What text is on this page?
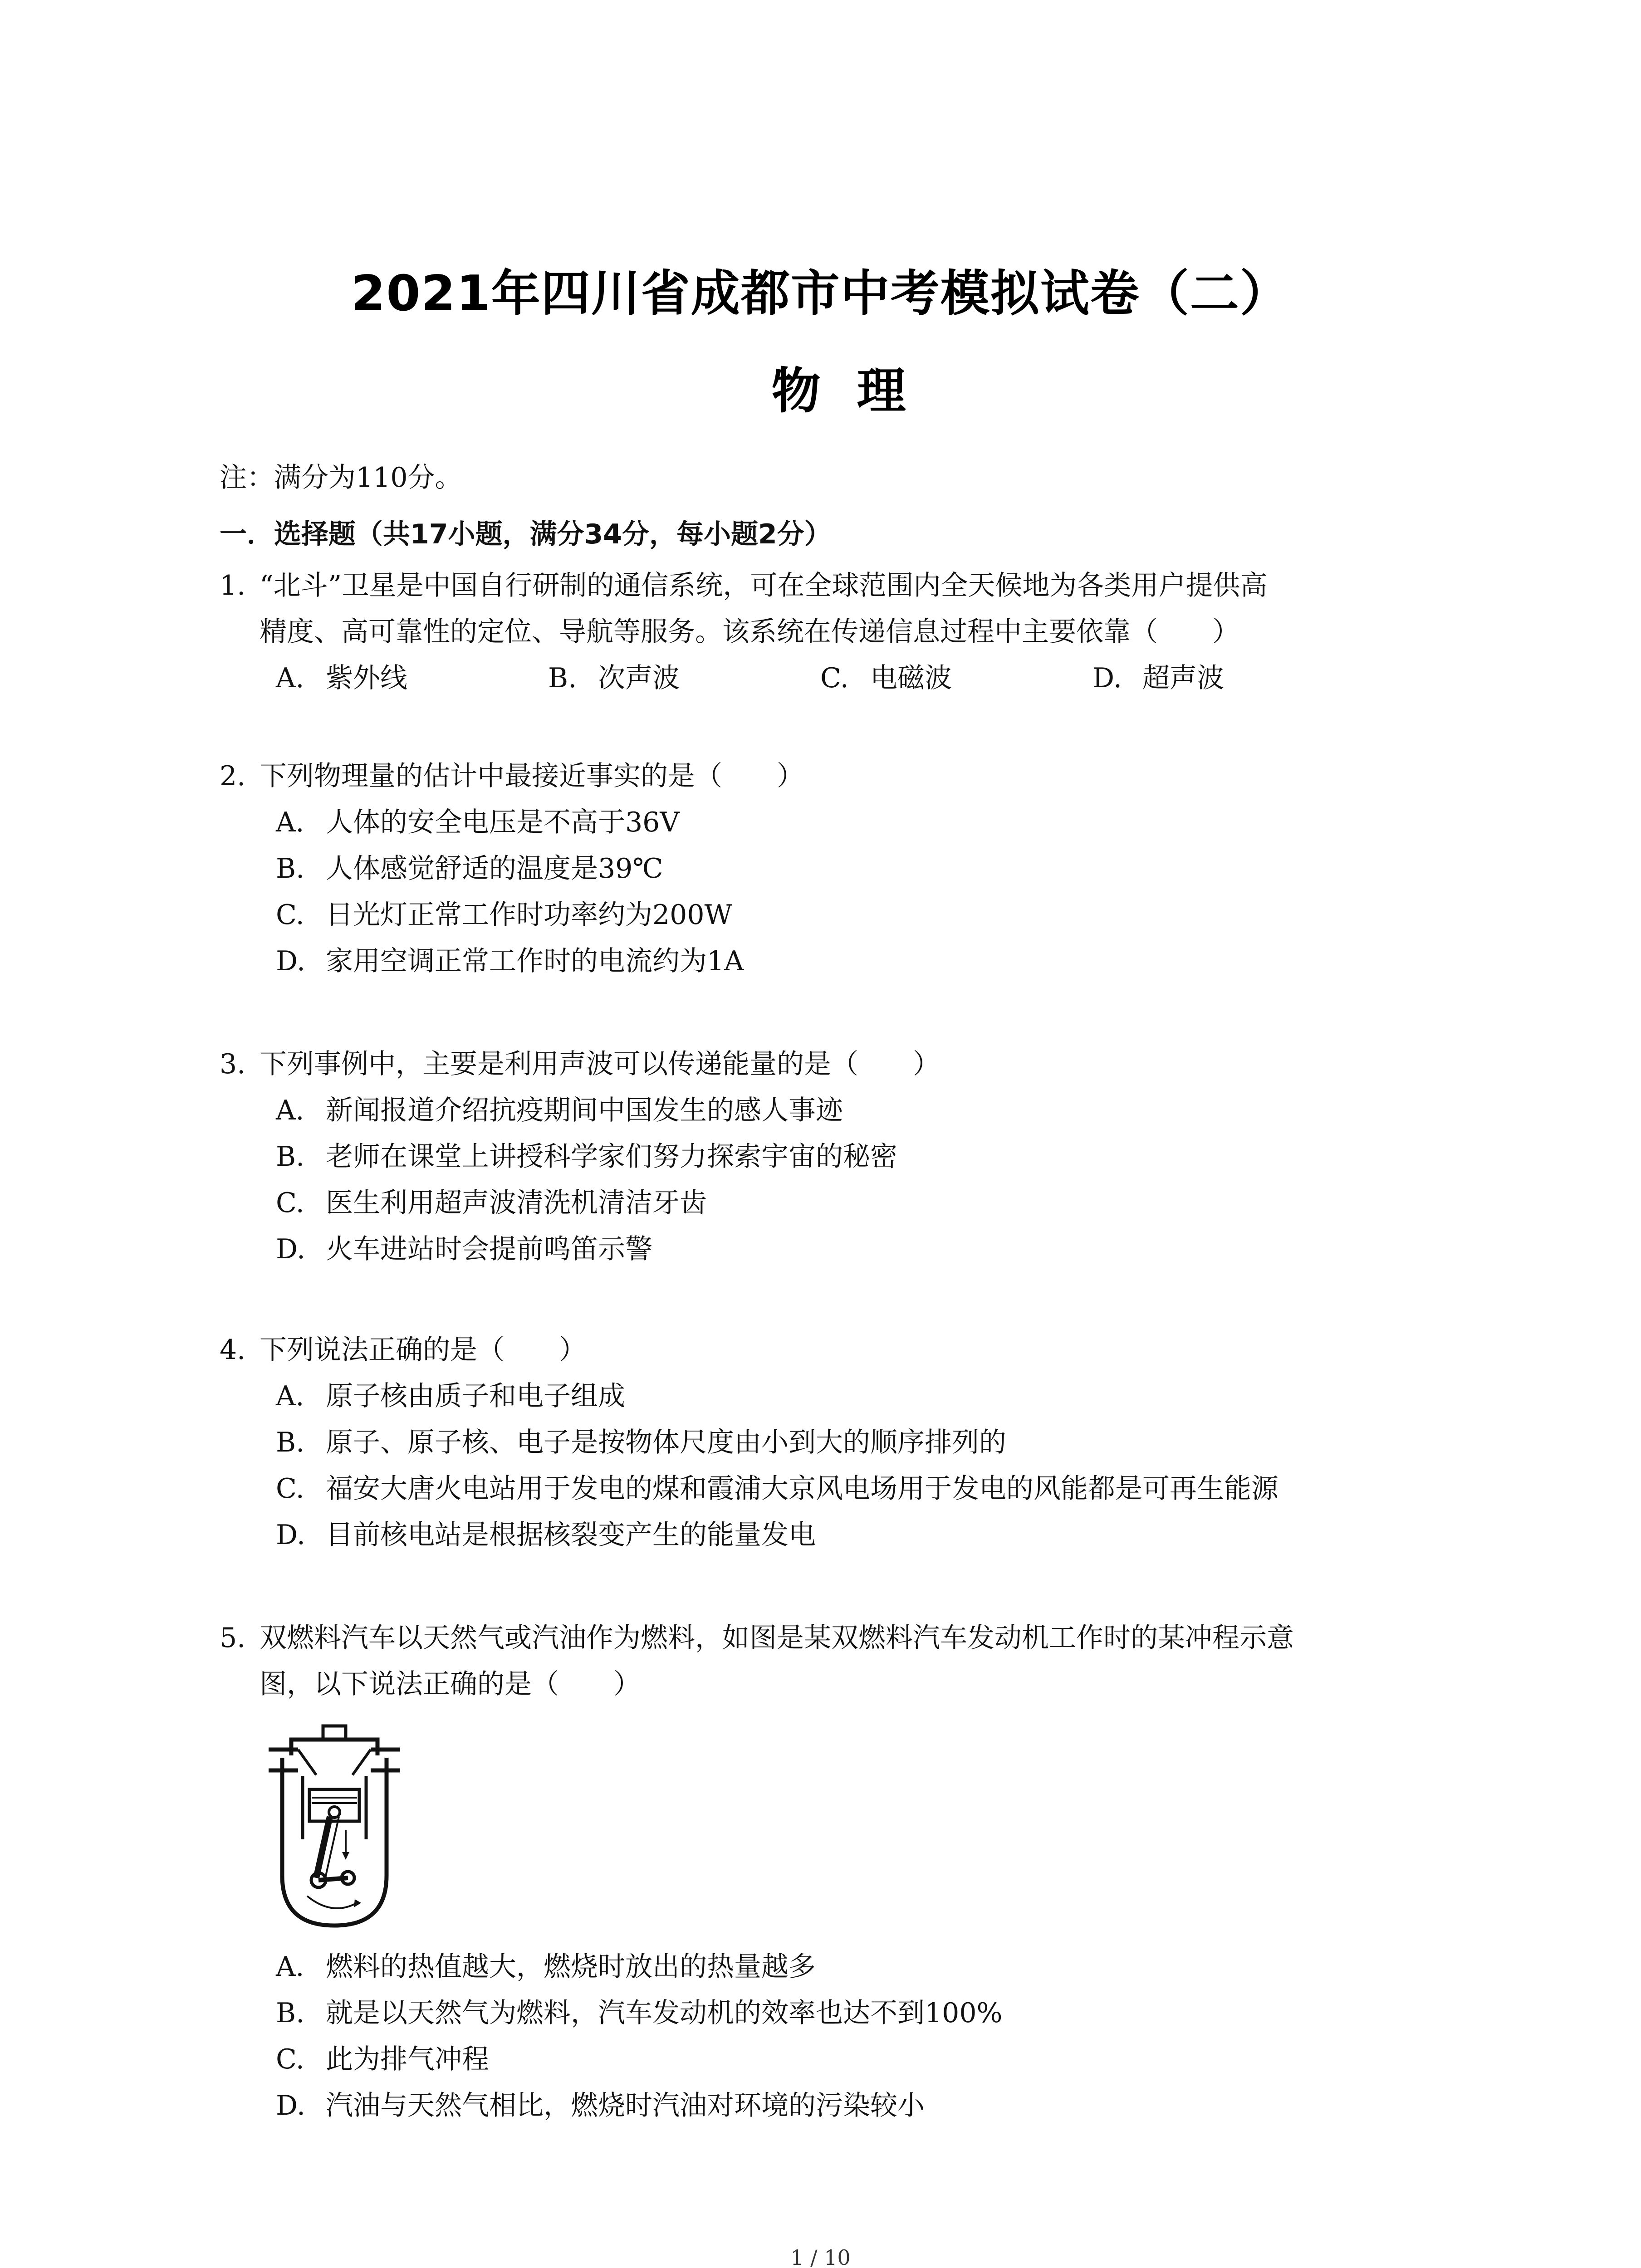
2021年四川省成都市中考模拟试卷（二）
物理
注：满分为110分。
一．选择题（共17小题，满分34分，每小题2分）
1. “北斗”卫星是中国自行研制的通信系统，可在全球范围内全天候地为各类用户提供高
精度、高可靠性的定位、导航等服务。该系统在传递信息过程中主要依靠（　　）
A. 紫外线	B. 次声波	C. 电磁波	D. 超声波
2. 下列物理量的估计中最接近事实的是（　　）
A. 人体的安全电压是不高于36V
B. 人体感觉舒适的温度是39℃
C. 日光灯正常工作时功率约为200W
D. 家用空调正常工作时的电流约为1A
3. 下列事例中，主要是利用声波可以传递能量的是（　　）
A. 新闻报道介绍抗疫期间中国发生的感人事迹
B. 老师在课堂上讲授科学家们努力探索宇宙的秘密
C. 医生利用超声波清洗机清洁牙齿
D. 火车进站时会提前鸣笛示警
4. 下列说法正确的是（　　）
A. 原子核由质子和电子组成
B. 原子、原子核、电子是按物体尺度由小到大的顺序排列的
C. 福安大唐火电站用于发电的煤和霞浦大京风电场用于发电的风能都是可再生能源
D. 目前核电站是根据核裂变产生的能量发电
5. 双燃料汽车以天然气或汽油作为燃料，如图是某双燃料汽车发动机工作时的某冲程示意
图，以下说法正确的是（　　）
A. 燃料的热值越大，燃烧时放出的热量越多
B. 就是以天然气为燃料，汽车发动机的效率也达不到100%
C. 此为排气冲程
D. 汽油与天然气相比，燃烧时汽油对环境的污染较小
1 / 10
